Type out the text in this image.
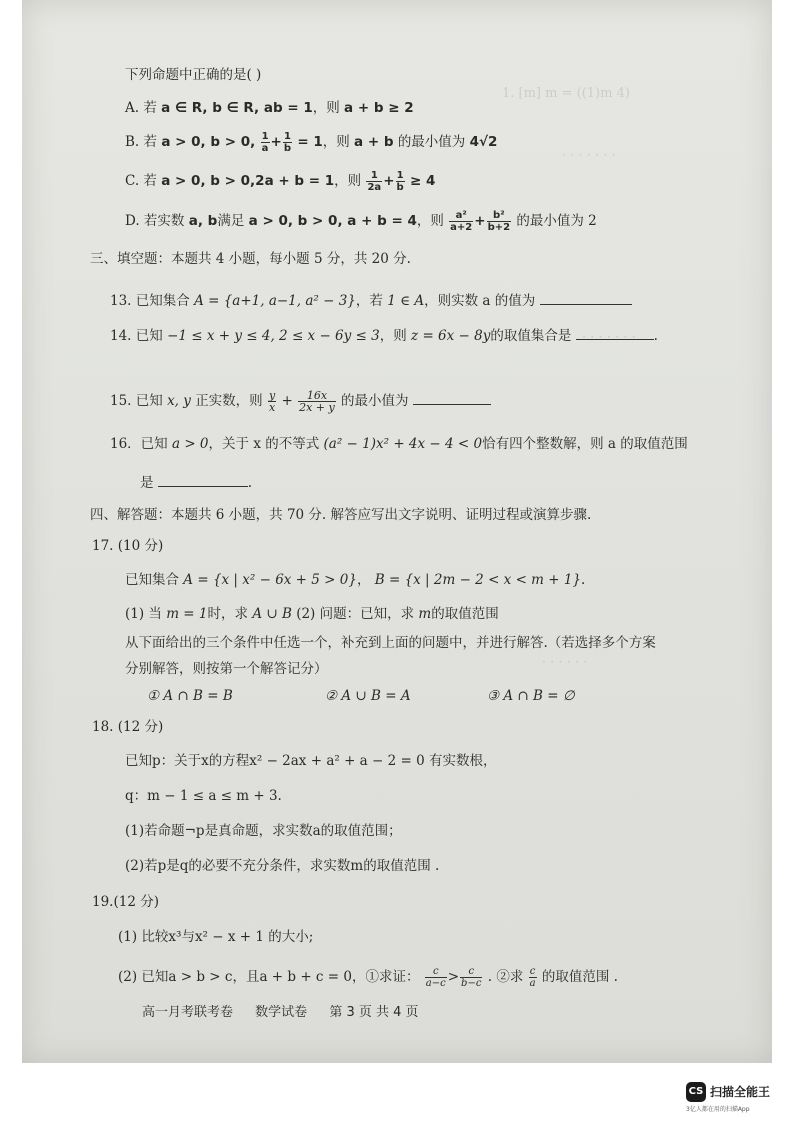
1. [m] m = ((1)m 4)
· · · · · · ·
· · · · · · ·
· · · · · ·
下列命题中正确的是( )
A. 若 a ∈ R, b ∈ R, ab = 1，则 a + b ≥ 2
B. 若 a > 0, b > 0, $\frac{1}{a} + \frac{1}{b} = 1$，则 a + b 的最小值为 4√2
C. 若 a > 0, b > 0,2a + b = 1，则 $\frac{1}{2a} + \frac{1}{b} \ge 4$
D. 若实数 a, b满足 a > 0, b > 0, a + b = 4，则 $\frac{\text{a²}}{a+2} + \frac{\text{b²}}{b+2}$ 的最小值为 2
三、填空题：本题共 4 小题，每小题 5 分，共 20 分.
13. 已知集合 A = {a+1, a−1, a² − 3}，若 1 ∈ A，则实数 a 的值为
14. 已知 −1 ≤ x + y ≤ 4, 2 ≤ x − 6y ≤ 3，则 z = 6x − 8y的取值集合是	.
15. 已知 x, y 正实数，则 $\frac{y}{x} + \frac{16x}{2x + y}$ 的最小值为
16．已知 a > 0，关于 x 的不等式 (a² − 1)x² + 4x − 4 < 0恰有四个整数解，则 a 的取值范围
是	.
四、解答题：本题共 6 小题，共 70 分. 解答应写出文字说明、证明过程或演算步骤.
17. (10 分)
已知集合 A = {x | x² − 6x + 5 > 0}， B = {x | 2m − 2 < x < m + 1}.
(1) 当 m = 1时，求 A ∪ B (2) 问题：已知，求 m的取值范围
从下面给出的三个条件中任选一个，补充到上面的问题中，并进行解答.（若选择多个方案
分别解答，则按第一个解答记分）
① A ∩ B = B	② A ∪ B = A	③ A ∩ B = ∅
18. (12 分)
已知p：关于x的方程x² − 2ax + a² + a − 2 = 0 有实数根，
q：m − 1 ≤ a ≤ m + 3.
(1)若命题¬p是真命题，求实数a的取值范围；
(2)若p是q的必要不充分条件，求实数m的取值范围 .
19.(12 分)
(1) 比较x³与x² − x + 1 的大小;
(2) 已知a > b > c，且a + b + c = 0，①求证： $\frac{c}{a-c} > \frac{c}{b-c}$ . ②求 $\frac{c}{a}$ 的取值范围 .
高一月考联考卷 数学试卷 第 3 页 共 4 页
CS 扫描全能王
3亿人都在用的扫描App
